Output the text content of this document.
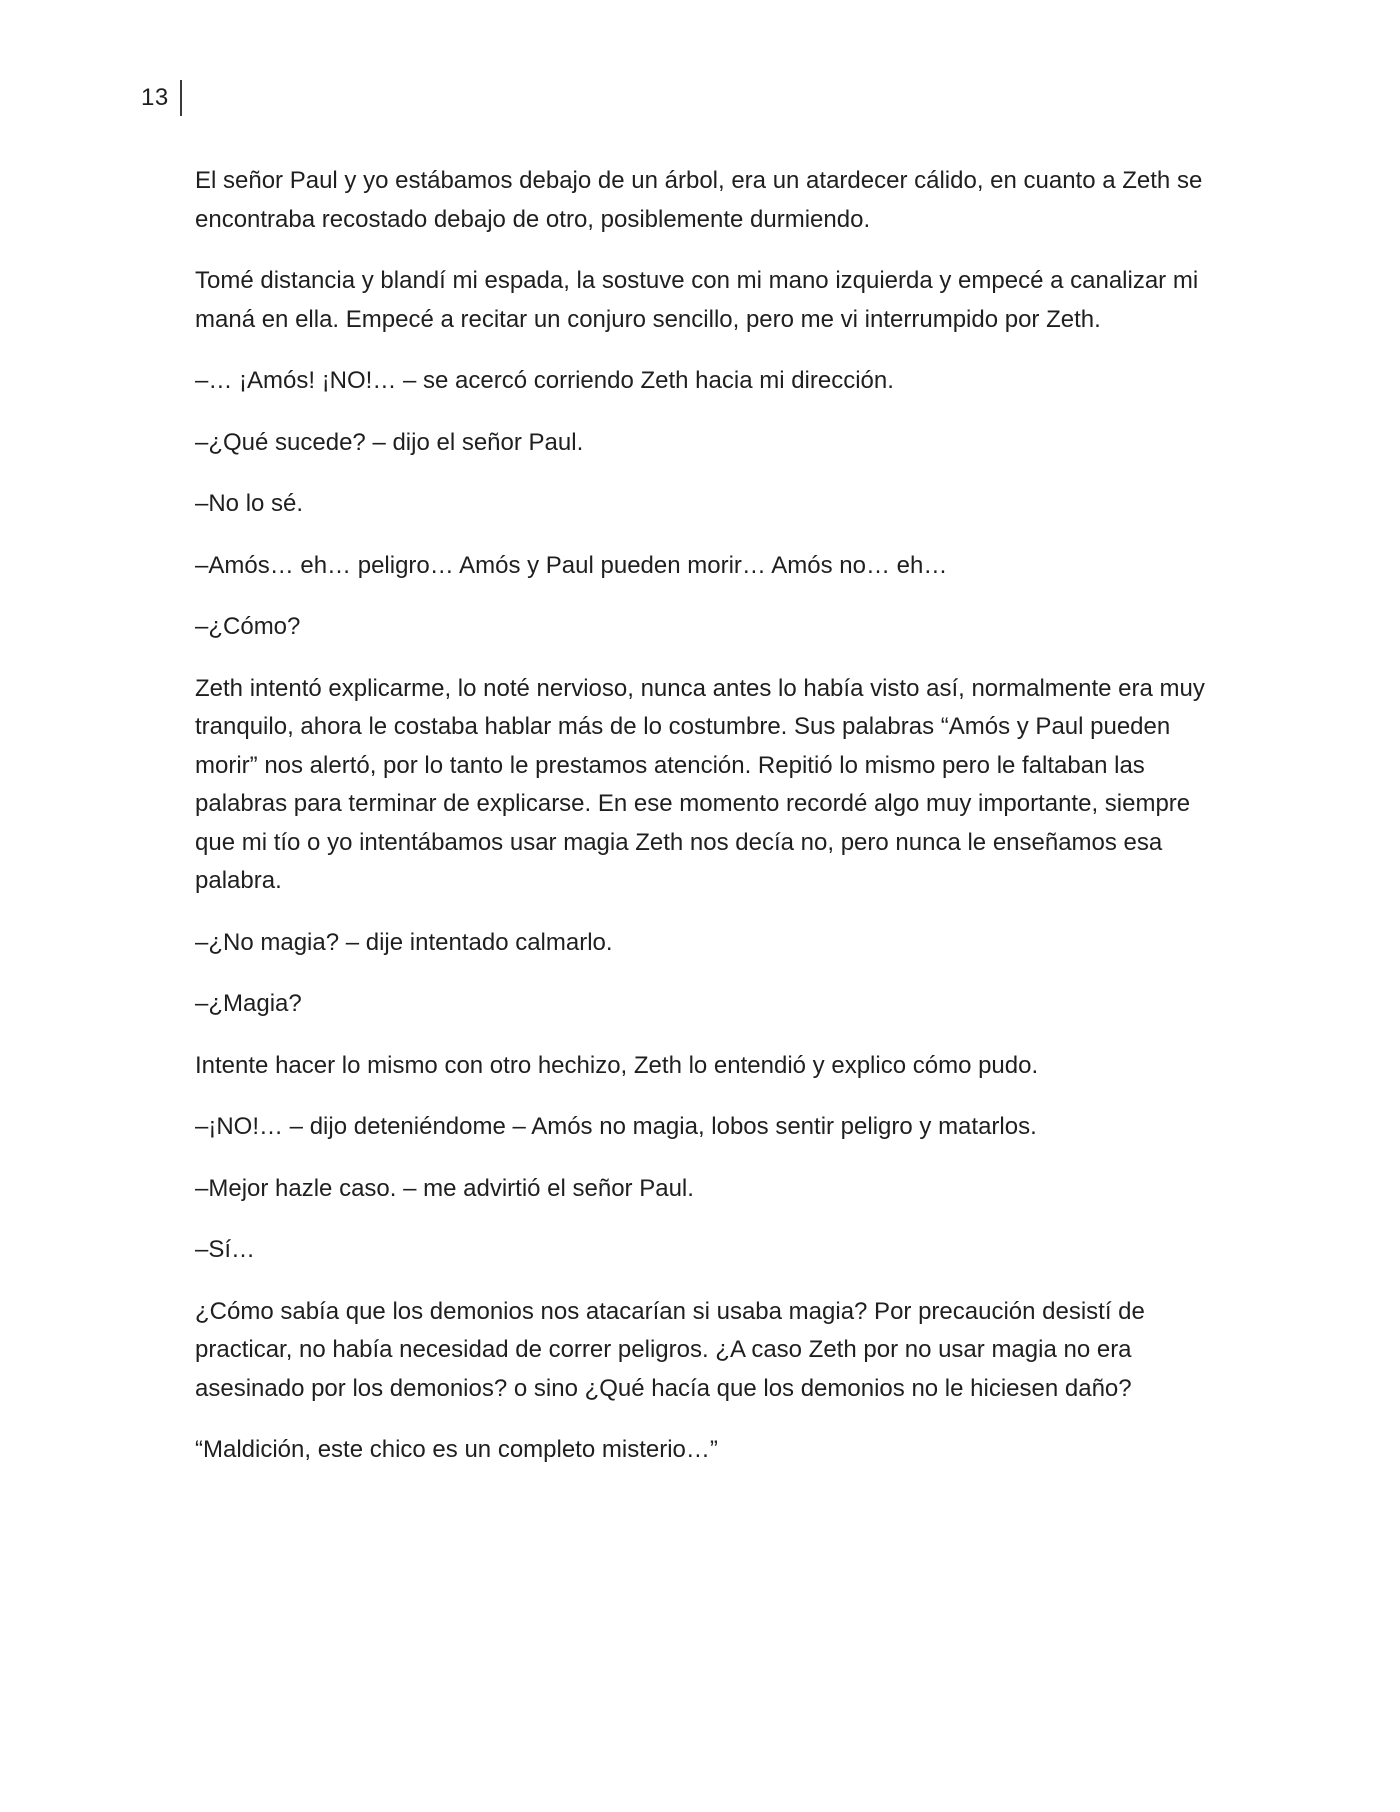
13

El señor Paul y yo estábamos debajo de un árbol, era un atardecer cálido, en cuanto a Zeth se encontraba recostado debajo de otro, posiblemente durmiendo.

Tomé distancia y blandí mi espada, la sostuve con mi mano izquierda y empecé a canalizar mi maná en ella. Empecé a recitar un conjuro sencillo, pero me vi interrumpido por Zeth.

–… ¡Amós! ¡NO!… – se acercó corriendo Zeth hacia mi dirección.

–¿Qué sucede? – dijo el señor Paul.

–No lo sé.

–Amós… eh… peligro… Amós y Paul pueden morir… Amós no… eh…

–¿Cómo?

Zeth intentó explicarme, lo noté nervioso, nunca antes lo había visto así, normalmente era muy tranquilo, ahora le costaba hablar más de lo costumbre. Sus palabras “Amós y Paul pueden morir” nos alertó, por lo tanto le prestamos atención. Repitió lo mismo pero le faltaban las palabras para terminar de explicarse. En ese momento recordé algo muy importante, siempre que mi tío o yo intentábamos usar magia Zeth nos decía no, pero nunca le enseñamos esa palabra.

–¿No magia? – dije intentado calmarlo.

–¿Magia?

Intente hacer lo mismo con otro hechizo, Zeth lo entendió y explico cómo pudo.

–¡NO!… – dijo deteniéndome – Amós no magia, lobos sentir peligro y matarlos.

–Mejor hazle caso. – me advirtió el señor Paul.

–Sí…

¿Cómo sabía que los demonios nos atacarían si usaba magia? Por precaución desistí de practicar, no había necesidad de correr peligros. ¿A caso Zeth por no usar magia no era asesinado por los demonios? o sino ¿Qué hacía que los demonios no le hiciesen daño?

“Maldición, este chico es un completo misterio…”
